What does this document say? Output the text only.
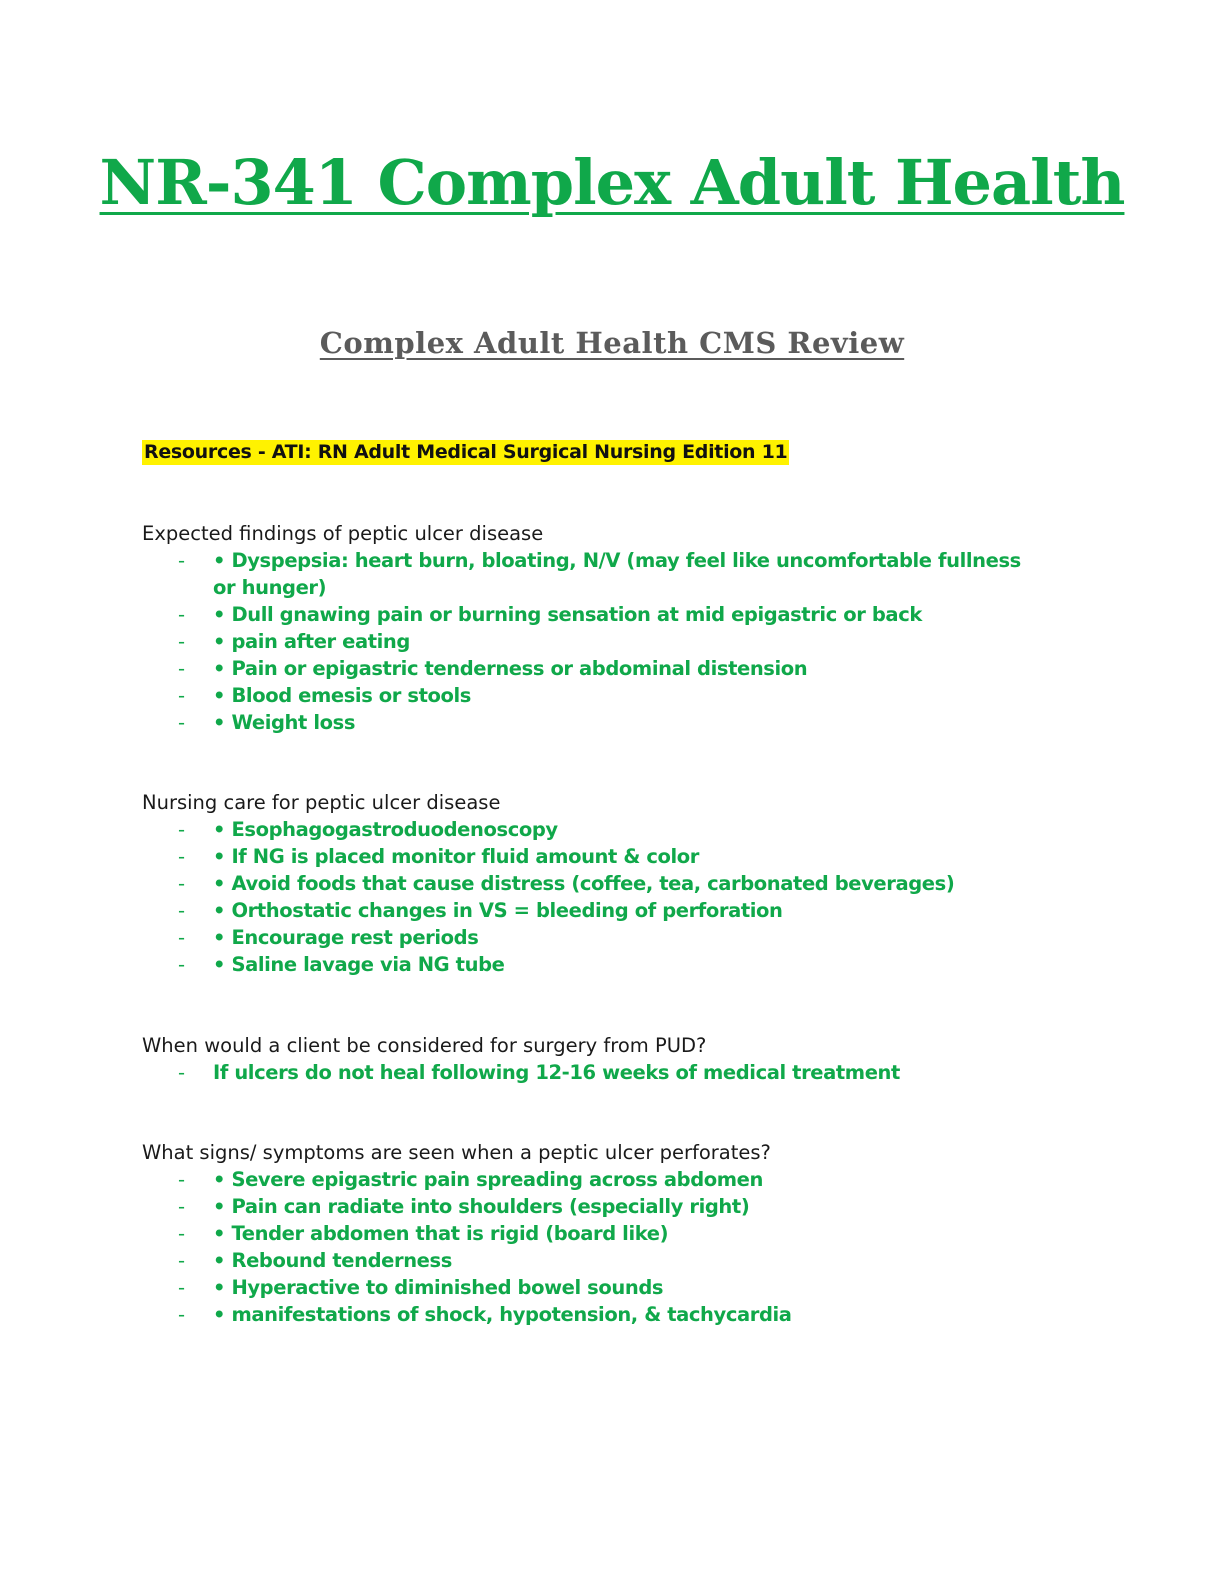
NR-341 Complex Adult Health
Complex Adult Health CMS Review

Resources - ATI: RN Adult Medical Surgical Nursing Edition 11

Expected findings of peptic ulcer disease

- • Dyspepsia: heart burn, bloating, N/V (may feel like uncomfortable fullness or hunger)
- • Dull gnawing pain or burning sensation at mid epigastric or back
- • pain after eating
- • Pain or epigastric tenderness or abdominal distension
- • Blood emesis or stools
- • Weight loss

Nursing care for peptic ulcer disease

- • Esophagogastroduodenoscopy
- • If NG is placed monitor fluid amount & color
- • Avoid foods that cause distress (coffee, tea, carbonated beverages)
- • Orthostatic changes in VS = bleeding of perforation
- • Encourage rest periods
- • Saline lavage via NG tube

When would a client be considered for surgery from PUD?

- If ulcers do not heal following 12-16 weeks of medical treatment

What signs/ symptoms are seen when a peptic ulcer perforates?

- • Severe epigastric pain spreading across abdomen
- • Pain can radiate into shoulders (especially right)
- • Tender abdomen that is rigid (board like)
- • Rebound tenderness
- • Hyperactive to diminished bowel sounds
- • manifestations of shock, hypotension, & tachycardia
